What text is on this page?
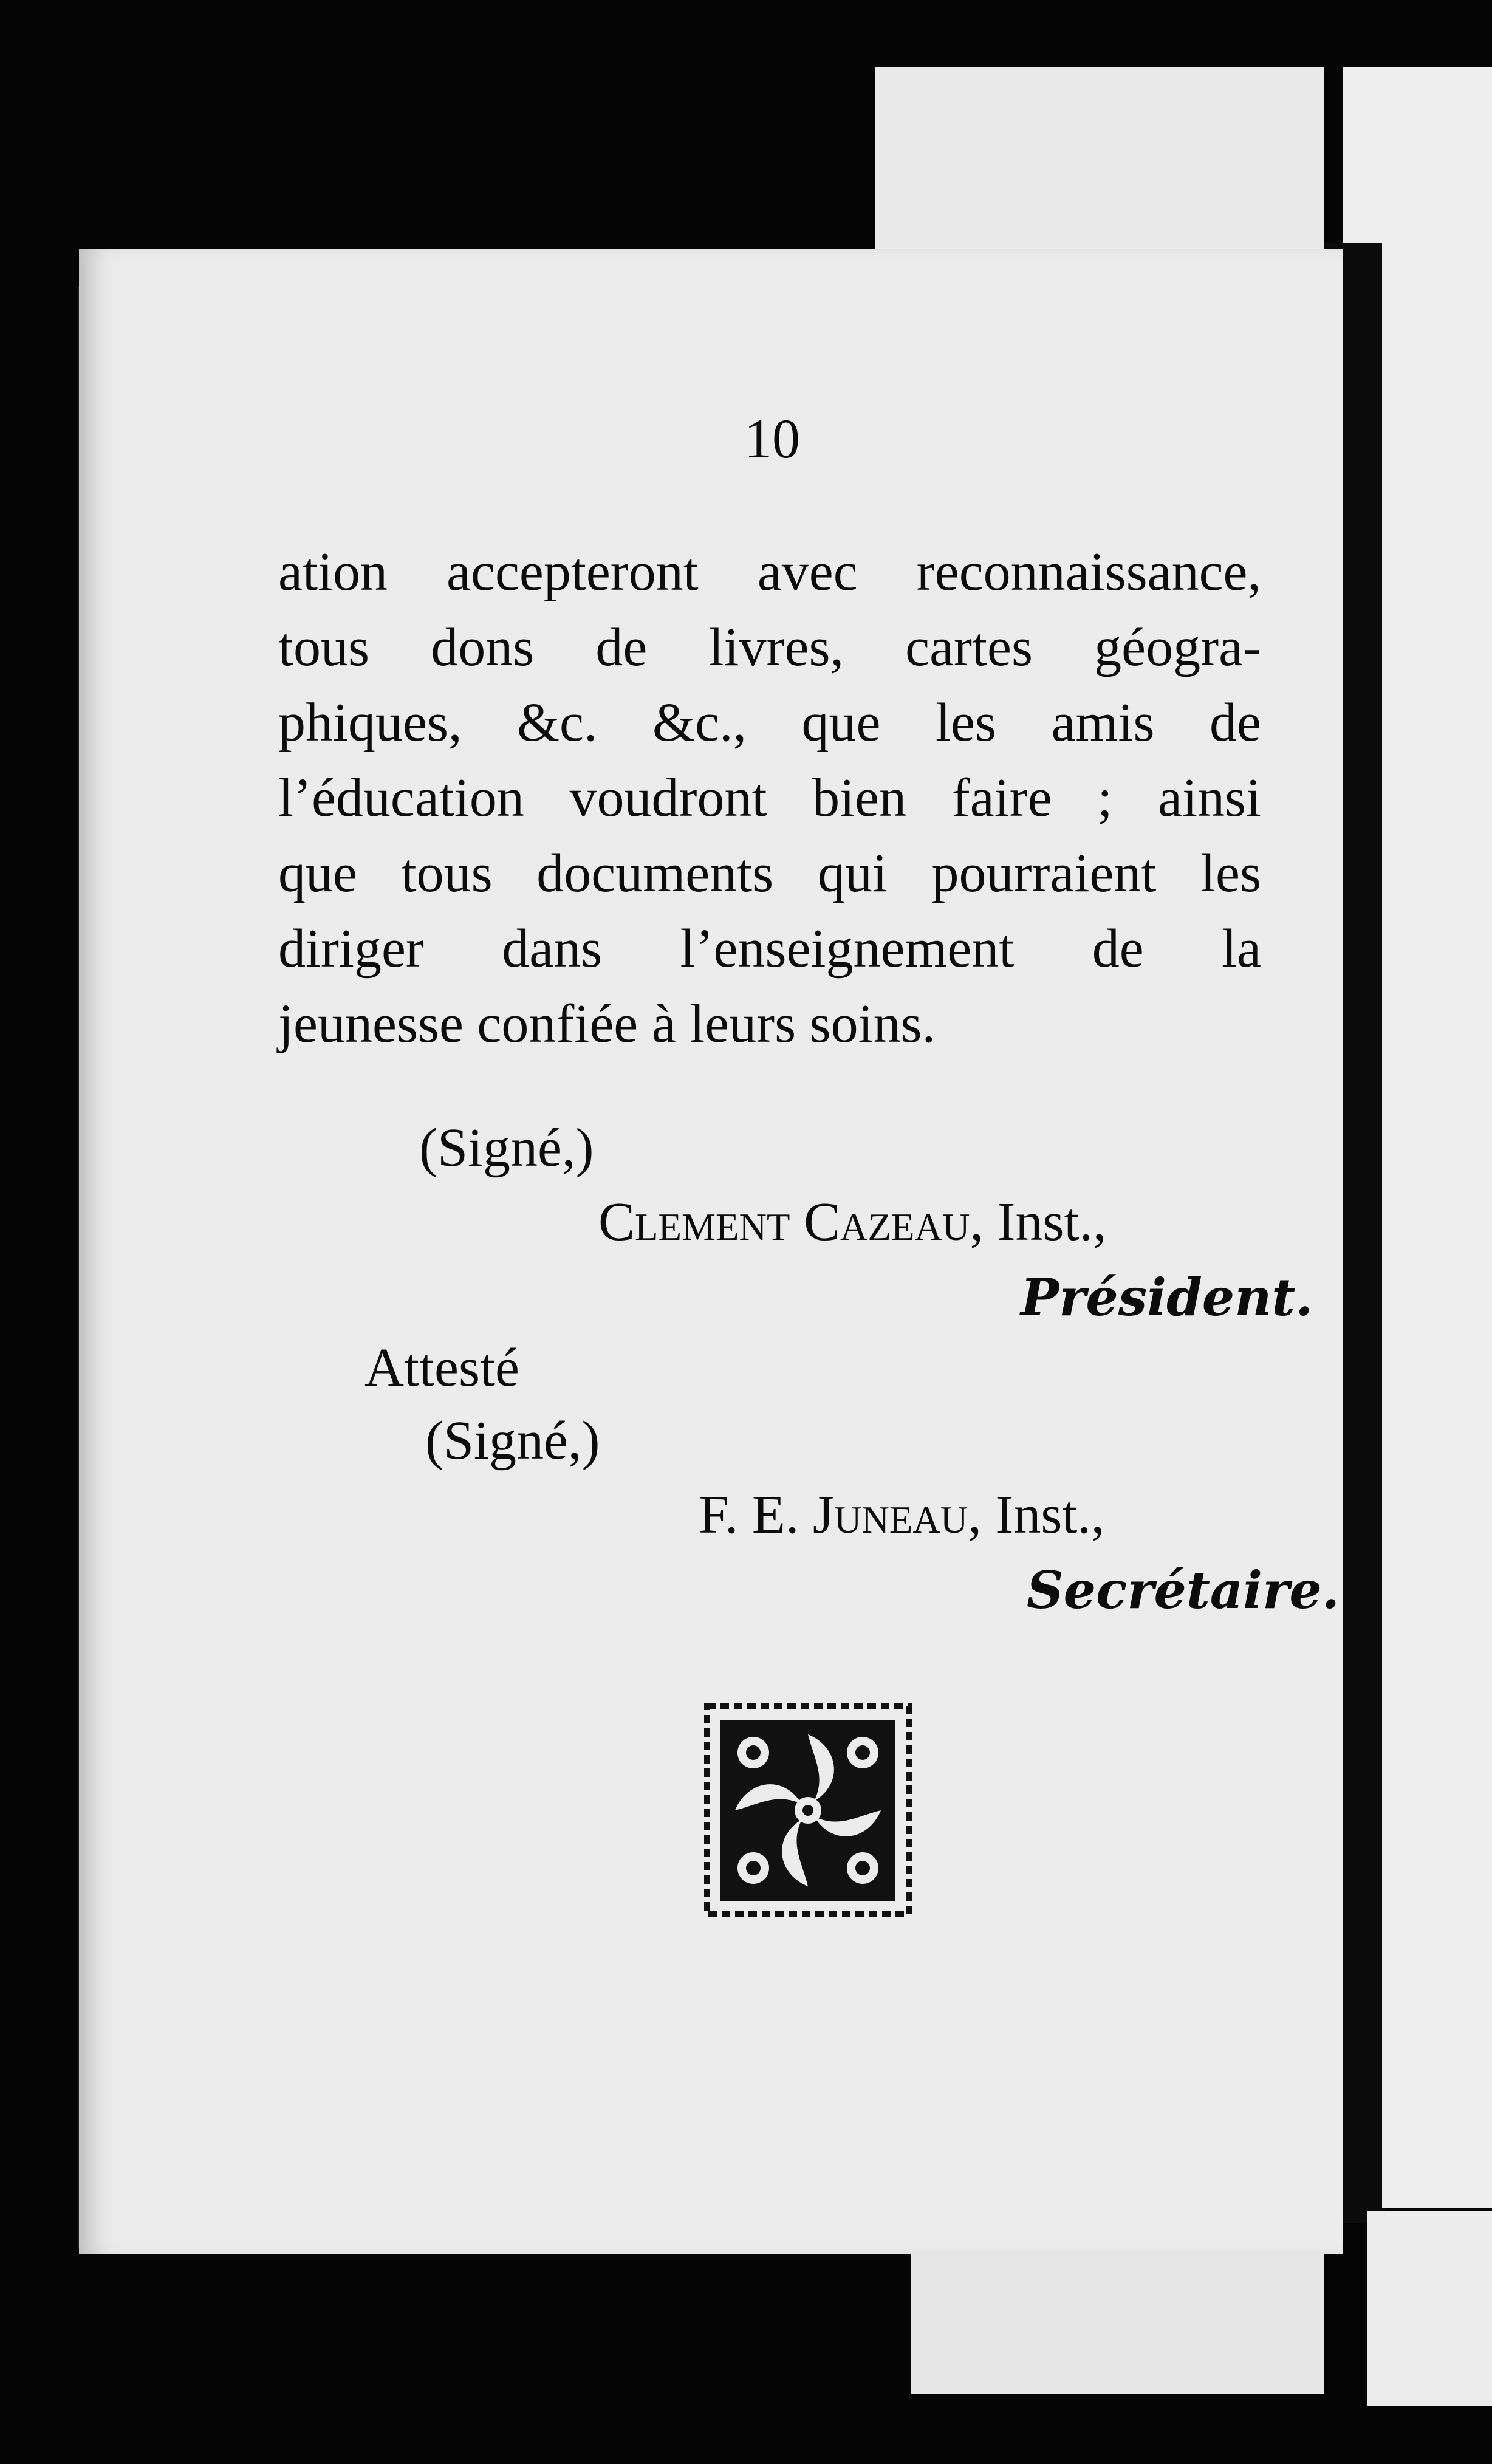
10
ation accepteront avec reconnaissance,
tous dons de livres, cartes géogra-
phiques, &c. &c., que les amis de
l’éducation voudront bien faire ; ainsi
que tous documents qui pourraient les
diriger dans l’enseignement de la
jeunesse confiée à leurs soins.
(Signé,)
Clement Cazeau, Inst.,
Président.
Attesté
(Signé,)
F. E. Juneau, Inst.,
Secrétaire.
